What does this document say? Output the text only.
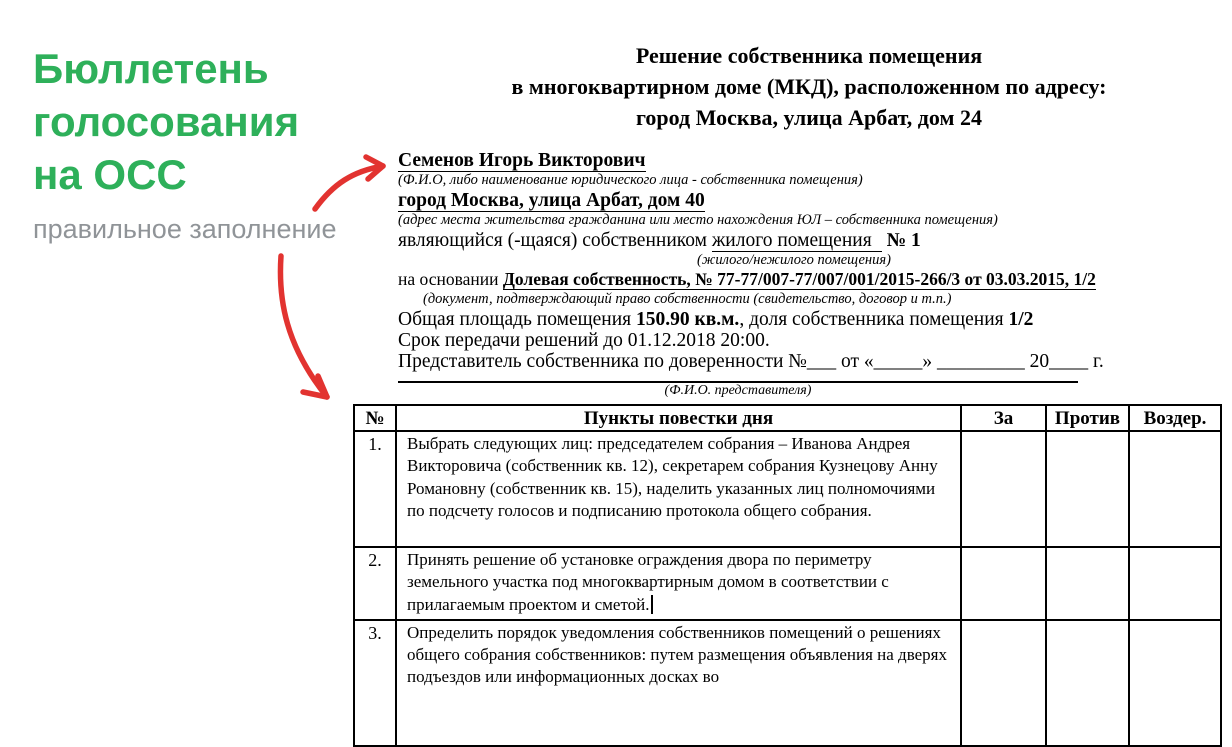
Бюллетень
голосования
на ОСС
правильное заполнение
Решение собственника помещения
в многоквартирном доме (МКД), расположенном по адресу:
город Москва, улица Арбат, дом 24
Семенов Игорь Викторович
(Ф.И.О, либо наименование юридического лица - собственника помещения)
город Москва, улица Арбат, дом 40
(адрес места жительства гражданина или место нахождения ЮЛ – собственника помещения)
являющийся (-щаяся) собственником жилого помещения № 1
(жилого/нежилого помещения)
на основании Долевая собственность, № 77-77/007-77/007/001/2015-266/3 от 03.03.2015, 1/2
(документ, подтверждающий право собственности (свидетельство, договор и т.п.)
Общая площадь помещения 150.90 кв.м., доля собственника помещения 1/2
Срок передачи решений до 01.12.2018 20:00.
Представитель собственника по доверенности №___ от «_____» _________ 20____ г.
(Ф.И.О. представителя)
№	Пункты повестки дня	За	Против	Воздер.
1.	Выбрать следующих лиц: председателем собрания – Иванова Андрея Викторовича (собственник кв. 12), секретарем собрания Кузнецову Анну Романовну (собственник кв. 15), наделить указанных лиц полномочиями по подсчету голосов и подписанию протокола общего собрания.			
2.	Принять решение об установке ограждения двора по периметру земельного участка под многоквартирным домом в соответствии с прилагаемым проектом и сметой.			
3.	Определить порядок уведомления собственников помещений о решениях общего собрания собственников: путем размещения объявления на дверях подъездов или информационных досках во			
